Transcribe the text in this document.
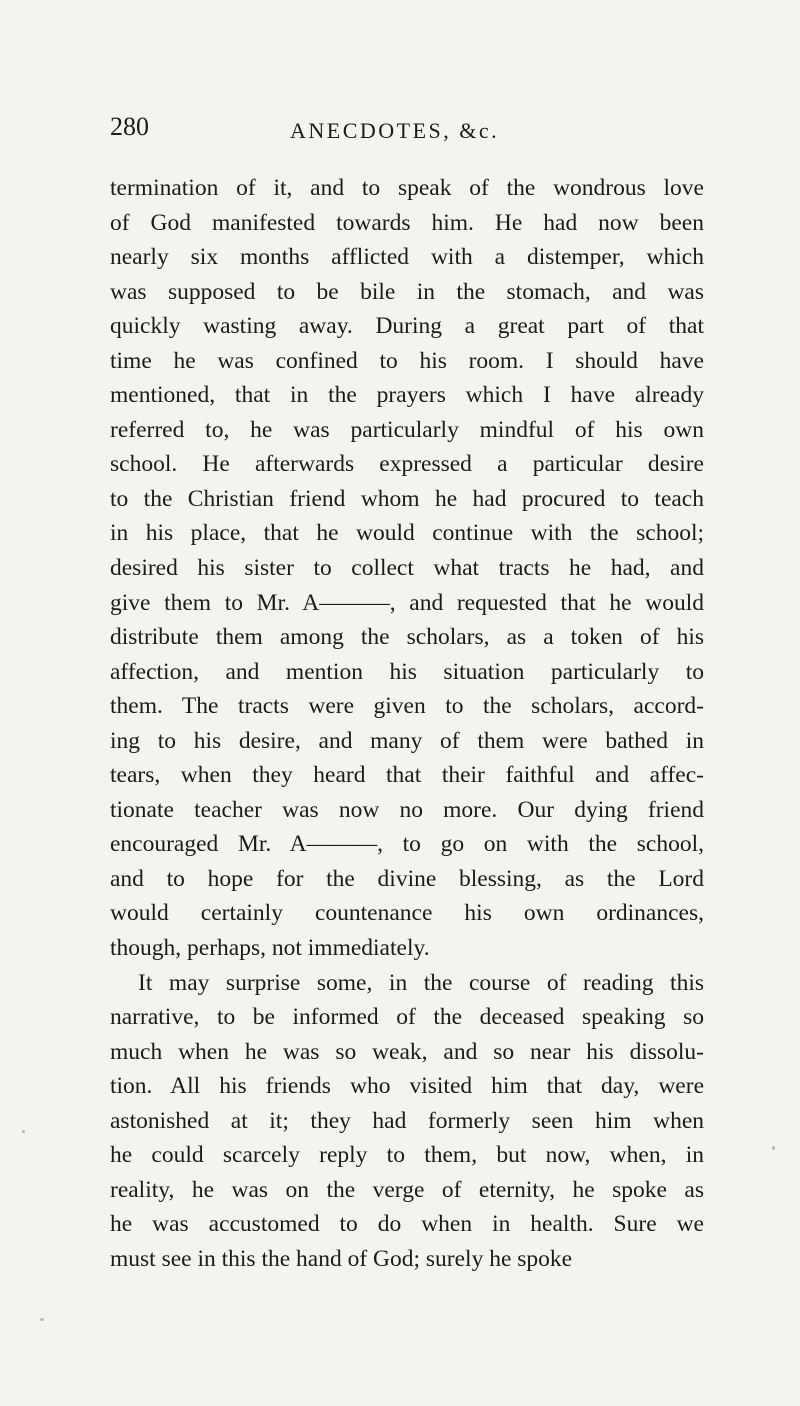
280	ANECDOTES, &c.
termination of it, and to speak of the wondrous love
of God manifested towards him. He had now been
nearly six months afflicted with a distemper, which
was supposed to be bile in the stomach, and was
quickly wasting away. During a great part of that
time he was confined to his room. I should have
mentioned, that in the prayers which I have already
referred to, he was particularly mindful of his own
school. He afterwards expressed a particular desire
to the Christian friend whom he had procured to teach
in his place, that he would continue with the school;
desired his sister to collect what tracts he had, and
give them to Mr. A———, and requested that he would
distribute them among the scholars, as a token of his
affection, and mention his situation particularly to
them. The tracts were given to the scholars, accord-
ing to his desire, and many of them were bathed in
tears, when they heard that their faithful and affec-
tionate teacher was now no more. Our dying friend
encouraged Mr. A———, to go on with the school,
and to hope for the divine blessing, as the Lord
would certainly countenance his own ordinances,
though, perhaps, not immediately.
It may surprise some, in the course of reading this
narrative, to be informed of the deceased speaking so
much when he was so weak, and so near his dissolu-
tion. All his friends who visited him that day, were
astonished at it; they had formerly seen him when
he could scarcely reply to them, but now, when, in
reality, he was on the verge of eternity, he spoke as
he was accustomed to do when in health. Sure we
must see in this the hand of God; surely he spoke
